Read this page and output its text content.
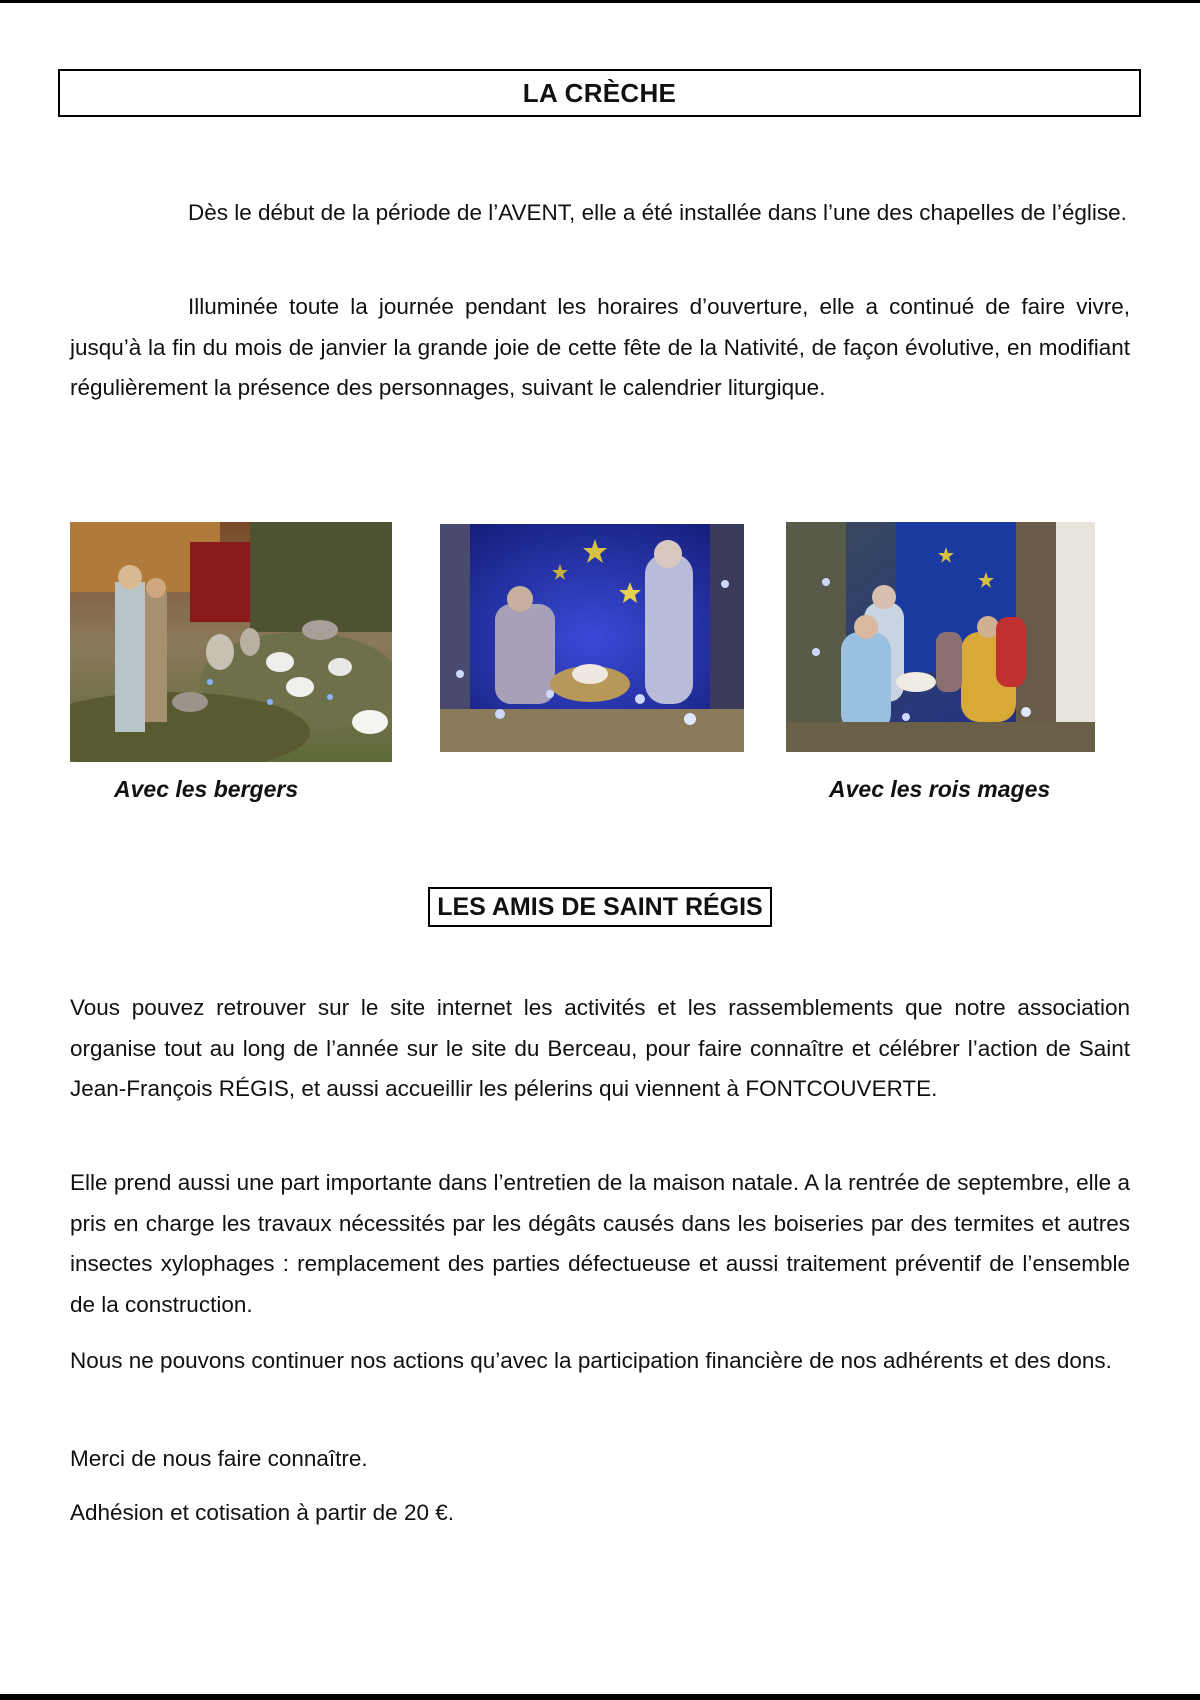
LA CRÈCHE

Dès le début de la période de l’AVENT, elle a été installée dans l’une des chapelles de l’église.

Illuminée toute la journée pendant les horaires d’ouverture, elle a continué de faire vivre, jusqu’à la fin du mois de janvier la grande joie de cette fête de la Nativité, de façon évolutive, en modifiant régulièrement la présence des personnages, suivant le calendrier liturgique.

Avec les bergers	Avec les rois mages
LES AMIS DE SAINT RÉGIS

Vous pouvez retrouver sur le site internet les activités et les rassemblements que notre association organise tout au long de l’année sur le site du Berceau, pour faire connaître et célébrer l’action de Saint Jean-François RÉGIS, et aussi accueillir les pélerins qui viennent à FONTCOUVERTE.

Elle prend aussi une part importante dans l’entretien de la maison natale. A la rentrée de septembre, elle a pris en charge les travaux nécessités par les dégâts causés dans les boiseries par des termites et autres insectes xylophages : remplacement des parties défectueuse et aussi traitement préventif de l’ensemble de la construction.

Nous ne pouvons continuer nos actions qu’avec la participation financière de nos adhérents et des dons.

Merci de nous faire connaître.

Adhésion et cotisation à partir de 20 €.
